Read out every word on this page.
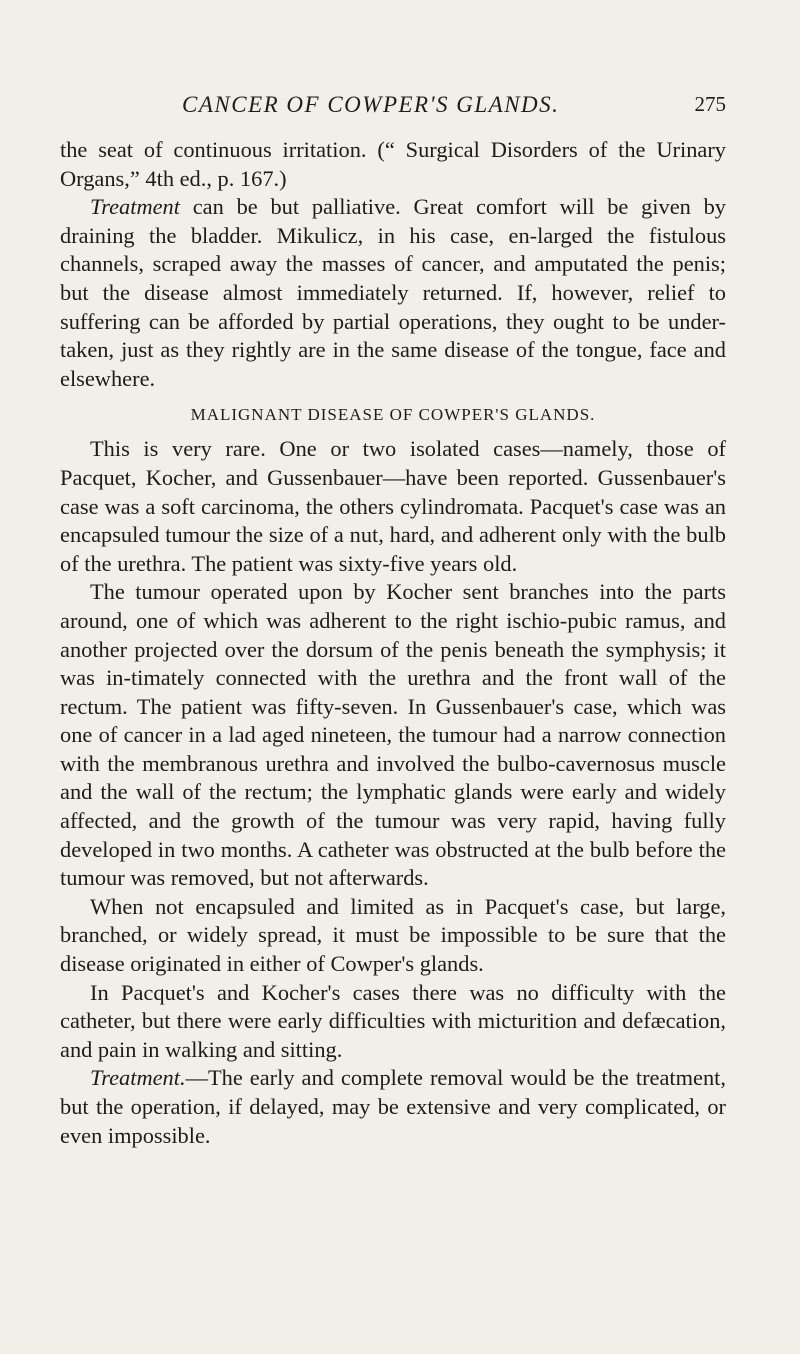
CANCER OF COWPER'S GLANDS.	275

the seat of continuous irritation. (“ Surgical Disorders of the Urinary Organs,” 4th ed., p. 167.)

Treatment can be but palliative. Great comfort will be given by draining the bladder. Mikulicz, in his case, en-larged the fistulous channels, scraped away the masses of cancer, and amputated the penis; but the disease almost immediately returned. If, however, relief to suffering can be afforded by partial operations, they ought to be under-taken, just as they rightly are in the same disease of the tongue, face and elsewhere.

MALIGNANT DISEASE OF COWPER'S GLANDS.

This is very rare. One or two isolated cases—namely, those of Pacquet, Kocher, and Gussenbauer—have been reported. Gussenbauer's case was a soft carcinoma, the others cylindromata. Pacquet's case was an encapsuled tumour the size of a nut, hard, and adherent only with the bulb of the urethra. The patient was sixty-five years old.

The tumour operated upon by Kocher sent branches into the parts around, one of which was adherent to the right ischio-pubic ramus, and another projected over the dorsum of the penis beneath the symphysis; it was in-timately connected with the urethra and the front wall of the rectum. The patient was fifty-seven. In Gussenbauer's case, which was one of cancer in a lad aged nineteen, the tumour had a narrow connection with the membranous urethra and involved the bulbo-cavernosus muscle and the wall of the rectum; the lymphatic glands were early and widely affected, and the growth of the tumour was very rapid, having fully developed in two months. A catheter was obstructed at the bulb before the tumour was removed, but not afterwards.

When not encapsuled and limited as in Pacquet's case, but large, branched, or widely spread, it must be impossible to be sure that the disease originated in either of Cowper's glands.

In Pacquet's and Kocher's cases there was no difficulty with the catheter, but there were early difficulties with micturition and defæcation, and pain in walking and sitting.

Treatment.—The early and complete removal would be the treatment, but the operation, if delayed, may be extensive and very complicated, or even impossible.
